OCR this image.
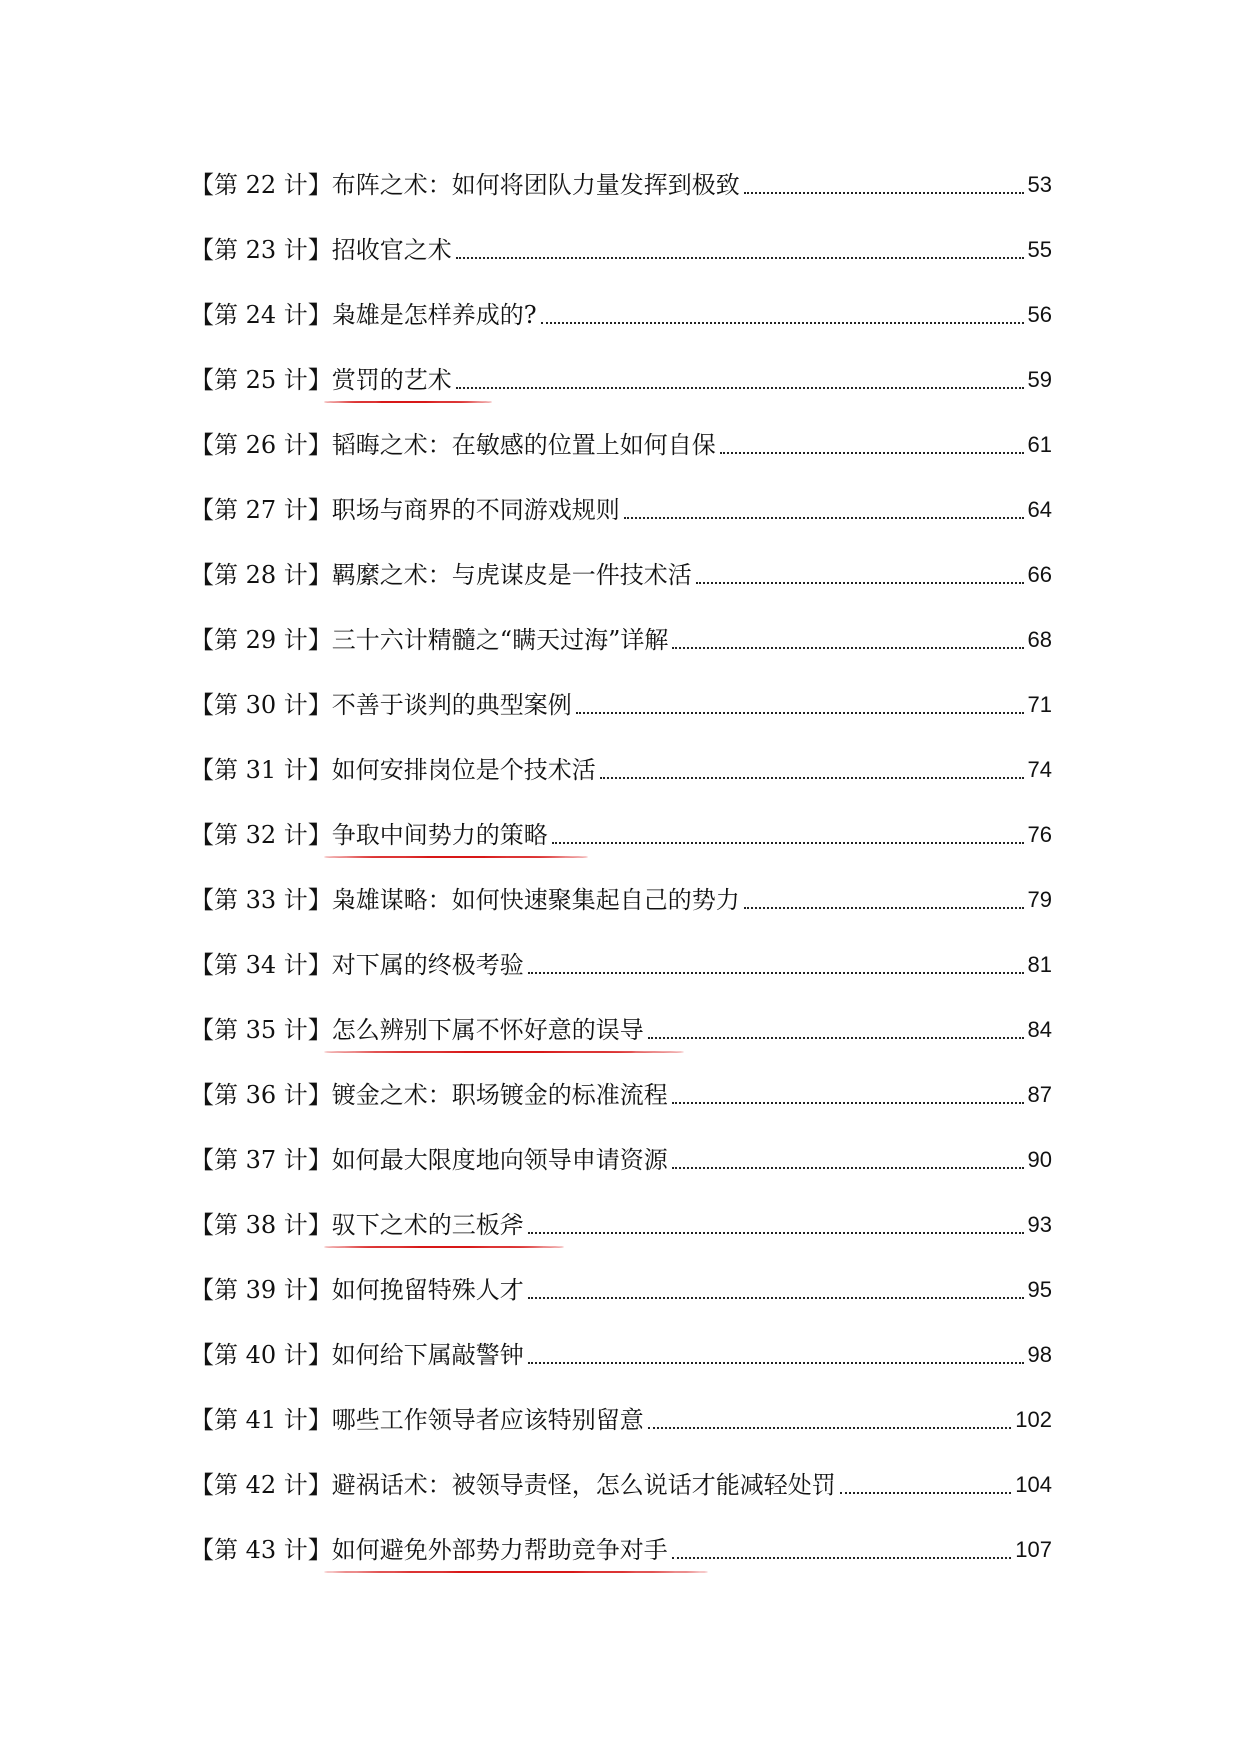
【第 22 计】 布阵之术：如何将团队力量发挥到极致	53
【第 23 计】 招收官之术	55
【第 24 计】 枭雄是怎样养成的?	56
【第 25 计】 赏罚的艺术	59
【第 26 计】 韬晦之术：在敏感的位置上如何自保	61
【第 27 计】 职场与商界的不同游戏规则	64
【第 28 计】 羁縻之术：与虎谋皮是一件技术活	66
【第 29 计】 三十六计精髓之“瞒天过海”详解	68
【第 30 计】 不善于谈判的典型案例	71
【第 31 计】 如何安排岗位是个技术活	74
【第 32 计】 争取中间势力的策略	76
【第 33 计】 枭雄谋略：如何快速聚集起自己的势力	79
【第 34 计】 对下属的终极考验	81
【第 35 计】 怎么辨别下属不怀好意的误导	84
【第 36 计】 镀金之术：职场镀金的标准流程	87
【第 37 计】 如何最大限度地向领导申请资源	90
【第 38 计】 驭下之术的三板斧	93
【第 39 计】 如何挽留特殊人才	95
【第 40 计】 如何给下属敲警钟	98
【第 41 计】 哪些工作领导者应该特别留意	102
【第 42 计】 避祸话术：被领导责怪，怎么说话才能减轻处罚	104
【第 43 计】 如何避免外部势力帮助竞争对手	107
